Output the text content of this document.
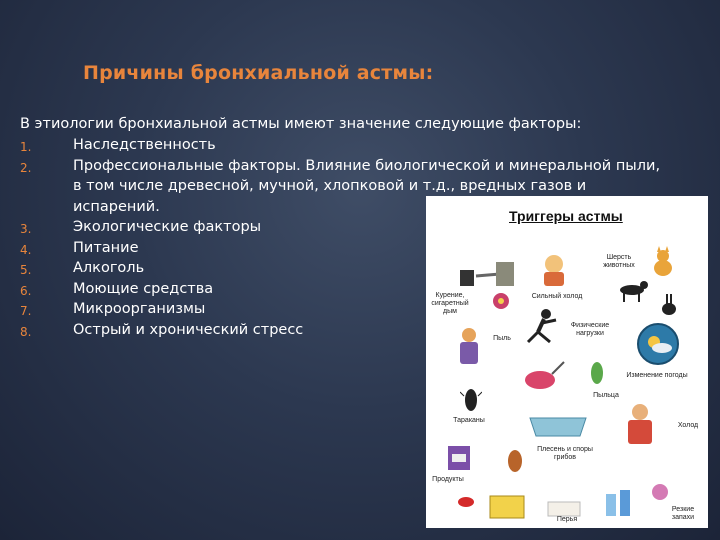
Причины бронхиальной астмы:
В этиологии бронхиальной астмы имеют значение следующие факторы:
1.	Наследственность
2.	Профессиональные факторы. Влияние биологической и минеральной пыли, в том числе древесной, мучной, хлопковой и т.д., вредных газов и испарений.
3.	Экологические факторы
4.	Питание
5.	Алкоголь
6.	Моющие средства
7.	Микроорганизмы
8.	Острый и хронический стресс
Триггеры астмы
Шерсть животных
Курение, сигаретный дым
Сильный холод
Физические нагрузки
Пыль
Изменение погоды
Пыльца
Тараканы
Плесень и споры грибов
Холод
Продукты
Перья
Резкие запахи
